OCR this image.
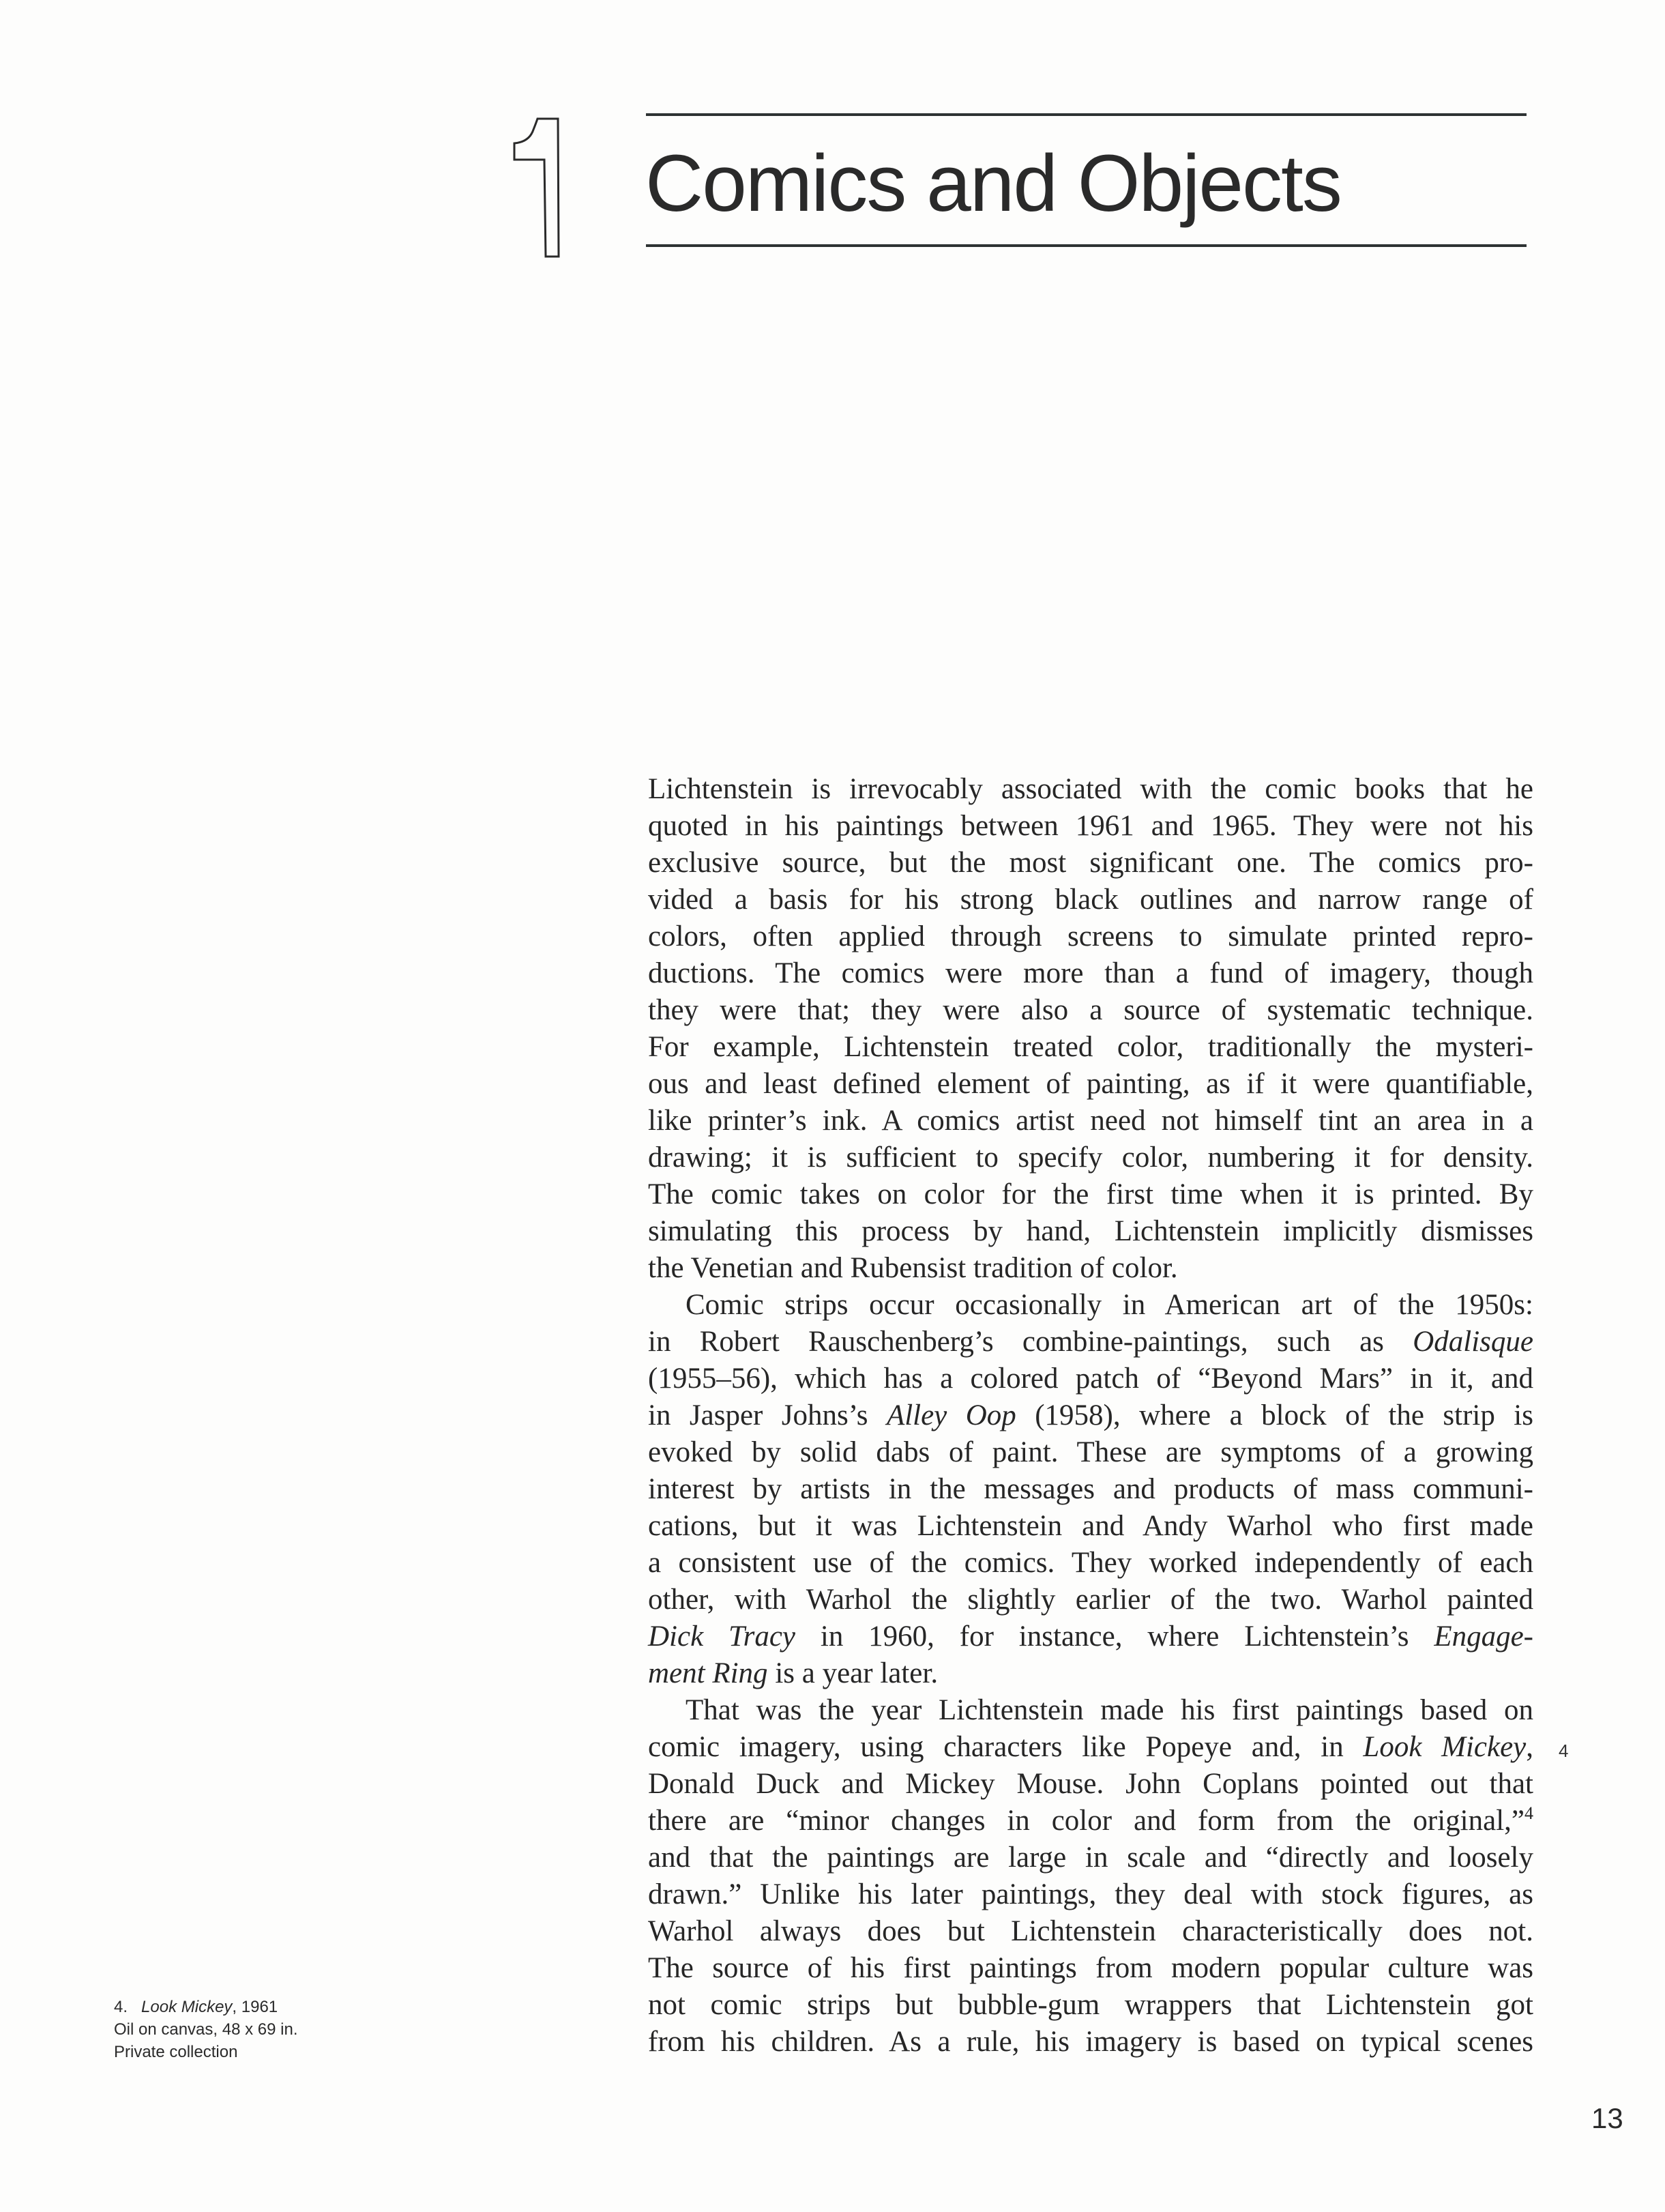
Comics and Objects
Lichtenstein is irrevocably associated with the comic books that he
quoted in his paintings between 1961 and 1965. They were not his
exclusive source, but the most significant one. The comics pro-
vided a basis for his strong black outlines and narrow range of
colors, often applied through screens to simulate printed repro-
ductions. The comics were more than a fund of imagery, though
they were that; they were also a source of systematic technique.
For example, Lichtenstein treated color, traditionally the mysteri-
ous and least defined element of painting, as if it were quantifiable,
like printer’s ink. A comics artist need not himself tint an area in a
drawing; it is sufficient to specify color, numbering it for density.
The comic takes on color for the first time when it is printed. By
simulating this process by hand, Lichtenstein implicitly dismisses
the Venetian and Rubensist tradition of color.
Comic strips occur occasionally in American art of the 1950s:
in Robert Rauschenberg’s combine-paintings, such as Odalisque
(1955–56), which has a colored patch of “Beyond Mars” in it, and
in Jasper Johns’s Alley Oop (1958), where a block of the strip is
evoked by solid dabs of paint. These are symptoms of a growing
interest by artists in the messages and products of mass communi-
cations, but it was Lichtenstein and Andy Warhol who first made
a consistent use of the comics. They worked independently of each
other, with Warhol the slightly earlier of the two. Warhol painted
Dick Tracy in 1960, for instance, where Lichtenstein’s Engage-
ment Ring is a year later.
That was the year Lichtenstein made his first paintings based on
comic imagery, using characters like Popeye and, in Look Mickey,
Donald Duck and Mickey Mouse. John Coplans pointed out that
there are “minor changes in color and form from the original,”$^4$
and that the paintings are large in scale and “directly and loosely
drawn.” Unlike his later paintings, they deal with stock figures, as
Warhol always does but Lichtenstein characteristically does not.
The source of his first paintings from modern popular culture was
not comic strips but bubble-gum wrappers that Lichtenstein got
from his children. As a rule, his imagery is based on typical scenes
4
4. Look Mickey, 1961
Oil on canvas, 48 x 69 in.
Private collection
13
